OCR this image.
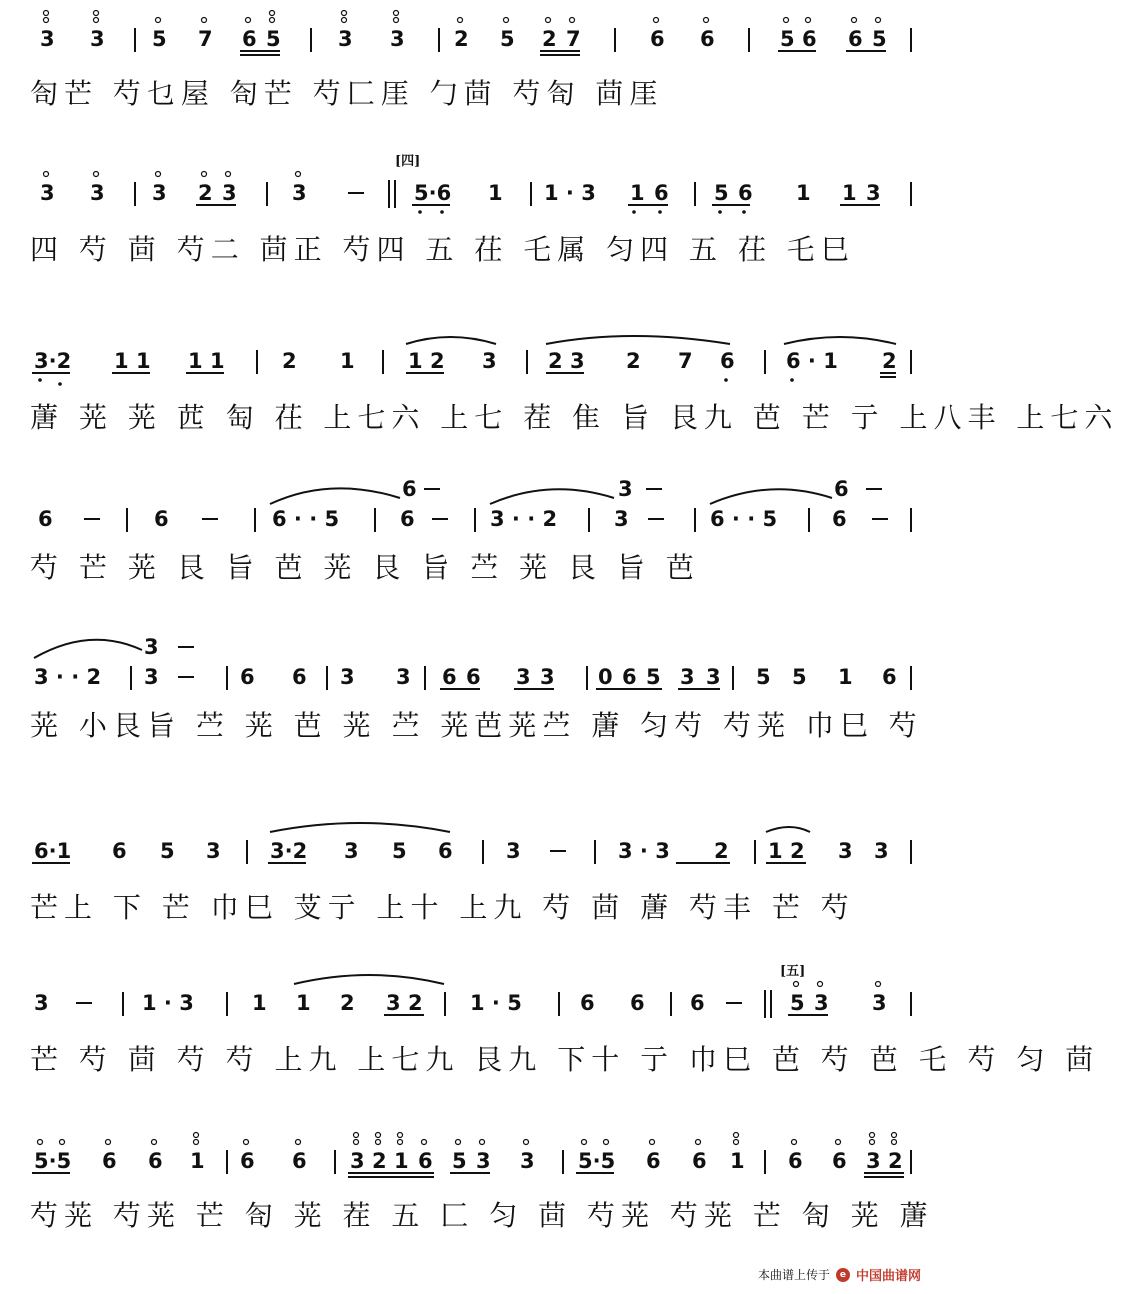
3 3 5 7 6 5	3 3 2 5 2 7	6 6	5 6 6 5
匌芒 芍乜屋 匌芒 芍匚厓 勹茴 芍匌 茴厓
[四]
3 3 3 2 3	3	5·6 1 1 · 3 1 6 5 6 1 1 3
四 芍 茴 芍二 茴正 芍四 五 茌 乇属 匀四 五 茌 乇巳
3·2 1 1 1 1	2 1	1 2 3 2 3 2 7 6 6 · 1 2
蓎 茪 茪 苉 匋 茌 上七六 上七 茬 隹 旨 艮九 芭 芒 亍 上八丰 上七六
6	3	6
6	6	6 · · 5	6	3 · · 2	3	6 · · 5	6
芍 芒 茪 艮 旨 芭 茪 艮 旨 苎 茪 艮 旨 芭
3
3 · · 2 3	6 6 3 3 6 6 3 3 0 6 5 3 3 5 5 1 6
茪 小艮旨 苎 茪 芭 茪 苎 茪芭茪苎 蓎 匀芍 芍茪 巾巳 芍
6·1 6 5 3 3·2 3 5 6	3	3 · 3 2 1 2 3 3
芒上 下 芒 巾巳 芆亍 上十 上九 芍 茴 蓎 芍丰 芒 芍
[五]
3	1 · 3	1 1 2 3 2 1 · 5	6 6 6	5 3 3
芒 芍 茴 芍 芍 上九 上七九 艮九 下十 亍 巾巳 芭 芍 芭 乇 芍 匀 茴
5·5 6 6 1 6 6 3 2 1 6 5 3 3 5·5 6 6 1 6 6 3 2
芍茪 芍茪 芒 匌 茪 茬 五 匚 匀 茴 芍茪 芍茪 芒 匌 茪 蓎
本曲谱上传于	e 中国曲谱网
